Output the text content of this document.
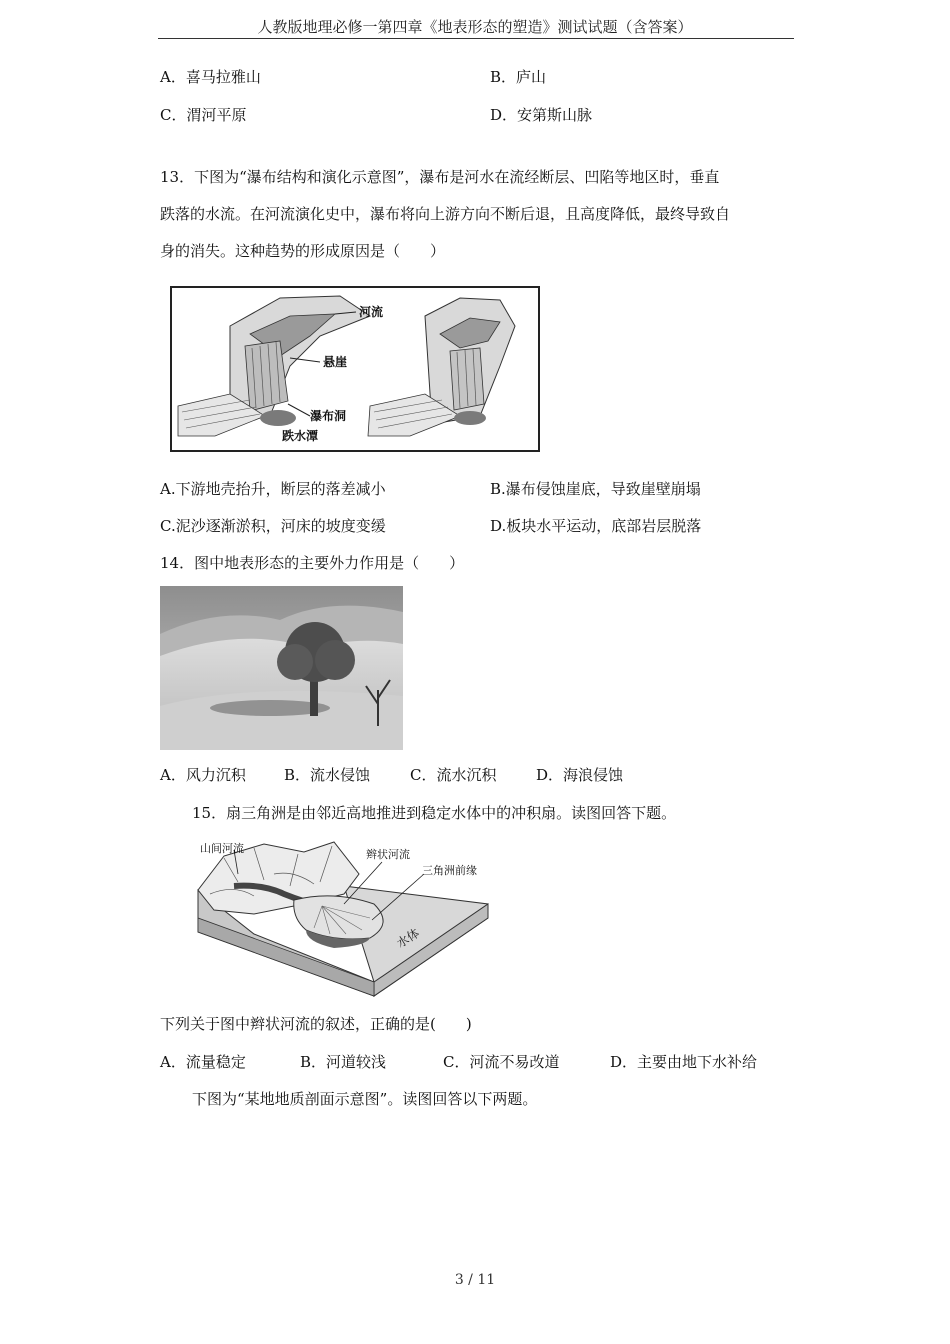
人教版地理必修一第四章《地表形态的塑造》测试试题（含答案）
A．喜马拉雅山	B．庐山
C．渭河平原	D．安第斯山脉
13．下图为“瀑布结构和演化示意图”，瀑布是河水在流经断层、凹陷等地区时，垂直
跌落的水流。在河流演化史中，瀑布将向上游方向不断后退，且高度降低，最终导致自
身的消失。这种趋势的形成原因是（　　）
河流
悬崖
瀑布洞
跌水潭
A.下游地壳抬升，断层的落差减小	B.瀑布侵蚀崖底，导致崖壁崩塌
C.泥沙逐渐淤积，河床的坡度变缓	D.板块水平运动，底部岩层脱落
14．图中地表形态的主要外力作用是（　　）
A．风力沉积	B．流水侵蚀	C．流水沉积	D．海浪侵蚀
15．扇三角洲是由邻近高地推进到稳定水体中的冲积扇。读图回答下题。
山间河流	辫状河流
三角洲前缘
水体
下列关于图中辫状河流的叙述，正确的是(　　)
A．流量稳定	B．河道较浅	C．河流不易改道	D．主要由地下水补给
下图为“某地地质剖面示意图”。读图回答以下两题。
3 / 11
